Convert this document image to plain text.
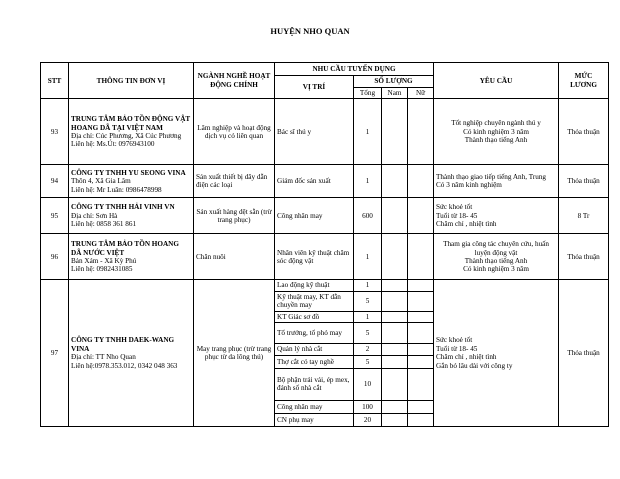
HUYỆN NHO QUAN
STT	THÔNG TIN ĐƠN VỊ	NGÀNH NGHỀ HOẠT ĐỘNG CHÍNH	NHU CẦU TUYỂN DỤNG				YÊU CẦU	MỨC LƯƠNG
			VỊ TRÍ	SỐ LƯỢNG				
				Tổng	Nam	Nữ		
93	TRUNG TÂM BẢO TỒN ĐỘNG VẬT HOANG DÃ TẠI VIỆT NAM
Địa chỉ: Cúc Phương, Xã Cúc Phương
Liên hệ: Ms.Út: 0976943100	Lâm nghiệp và hoạt động dịch vụ có liên quan	Bác sĩ thú y	1			Tốt nghiệp chuyên ngành thú y
Có kinh nghiệm 3 năm
Thành thạo tiếng Anh	Thỏa thuận
94	CÔNG TY TNHH YU SEONG VINA
Thôn 4, Xã Gia Lâm
Liên hệ: Mr Luân: 0986478998	Sản xuất thiết bị dây dẫn điện các loại	Giám đốc sản xuất	1			Thành thạo giao tiếp tiếng Anh, Trung
Có 3 năm kinh nghiệm	Thỏa thuận
95	CÔNG TY TNHH HẢI VINH VN
Địa chỉ: Sơn Hà
Liên hệ: 0858 361 861	Sản xuất hàng dệt sẵn (trừ trang phục)	Công nhân may	600			Sức khoẻ tốt
Tuổi từ 18- 45
Chăm chỉ , nhiệt tình	8 Tr
96	TRUNG TÂM BẢO TỒN HOANG DÃ NƯỚC VIỆT
Bản Xám - Xã Kỳ Phú
Liên hệ: 0982431085	Chăn nuôi	Nhân viên kỹ thuật chăm sóc động vật	1			Tham gia công tác chuyên cứu, huấn luyện động vật
Thành thạo tiếng Anh
Có kinh nghiệm 3 năm	Thỏa thuận
97	CÔNG TY TNHH DAEK-WANG VINA
Địa chỉ: TT Nho Quan
Liên hệ:0978.353.012, 0342 048 363	May trang phục (trừ trang phục từ da lông thú)	Lao động kỹ thuật	1			Sức khoẻ tốt
Tuổi từ 18- 45
Chăm chỉ , nhiệt tình
Gắn bó lâu dài với công ty	Thỏa thuận
			Kỹ thuật may, KT dẫn chuyền may	5				
			KT Giác sơ đồ	1				
			Tổ trưởng, tổ phó may	5				
			Quản lý nhà cắt	2				
			Thợ cắt có tay nghề	5				
			Bộ phận trải vải, ép mex, đánh số nhà cắt	10				
			Công nhân may	100				
			CN phụ may	20				
